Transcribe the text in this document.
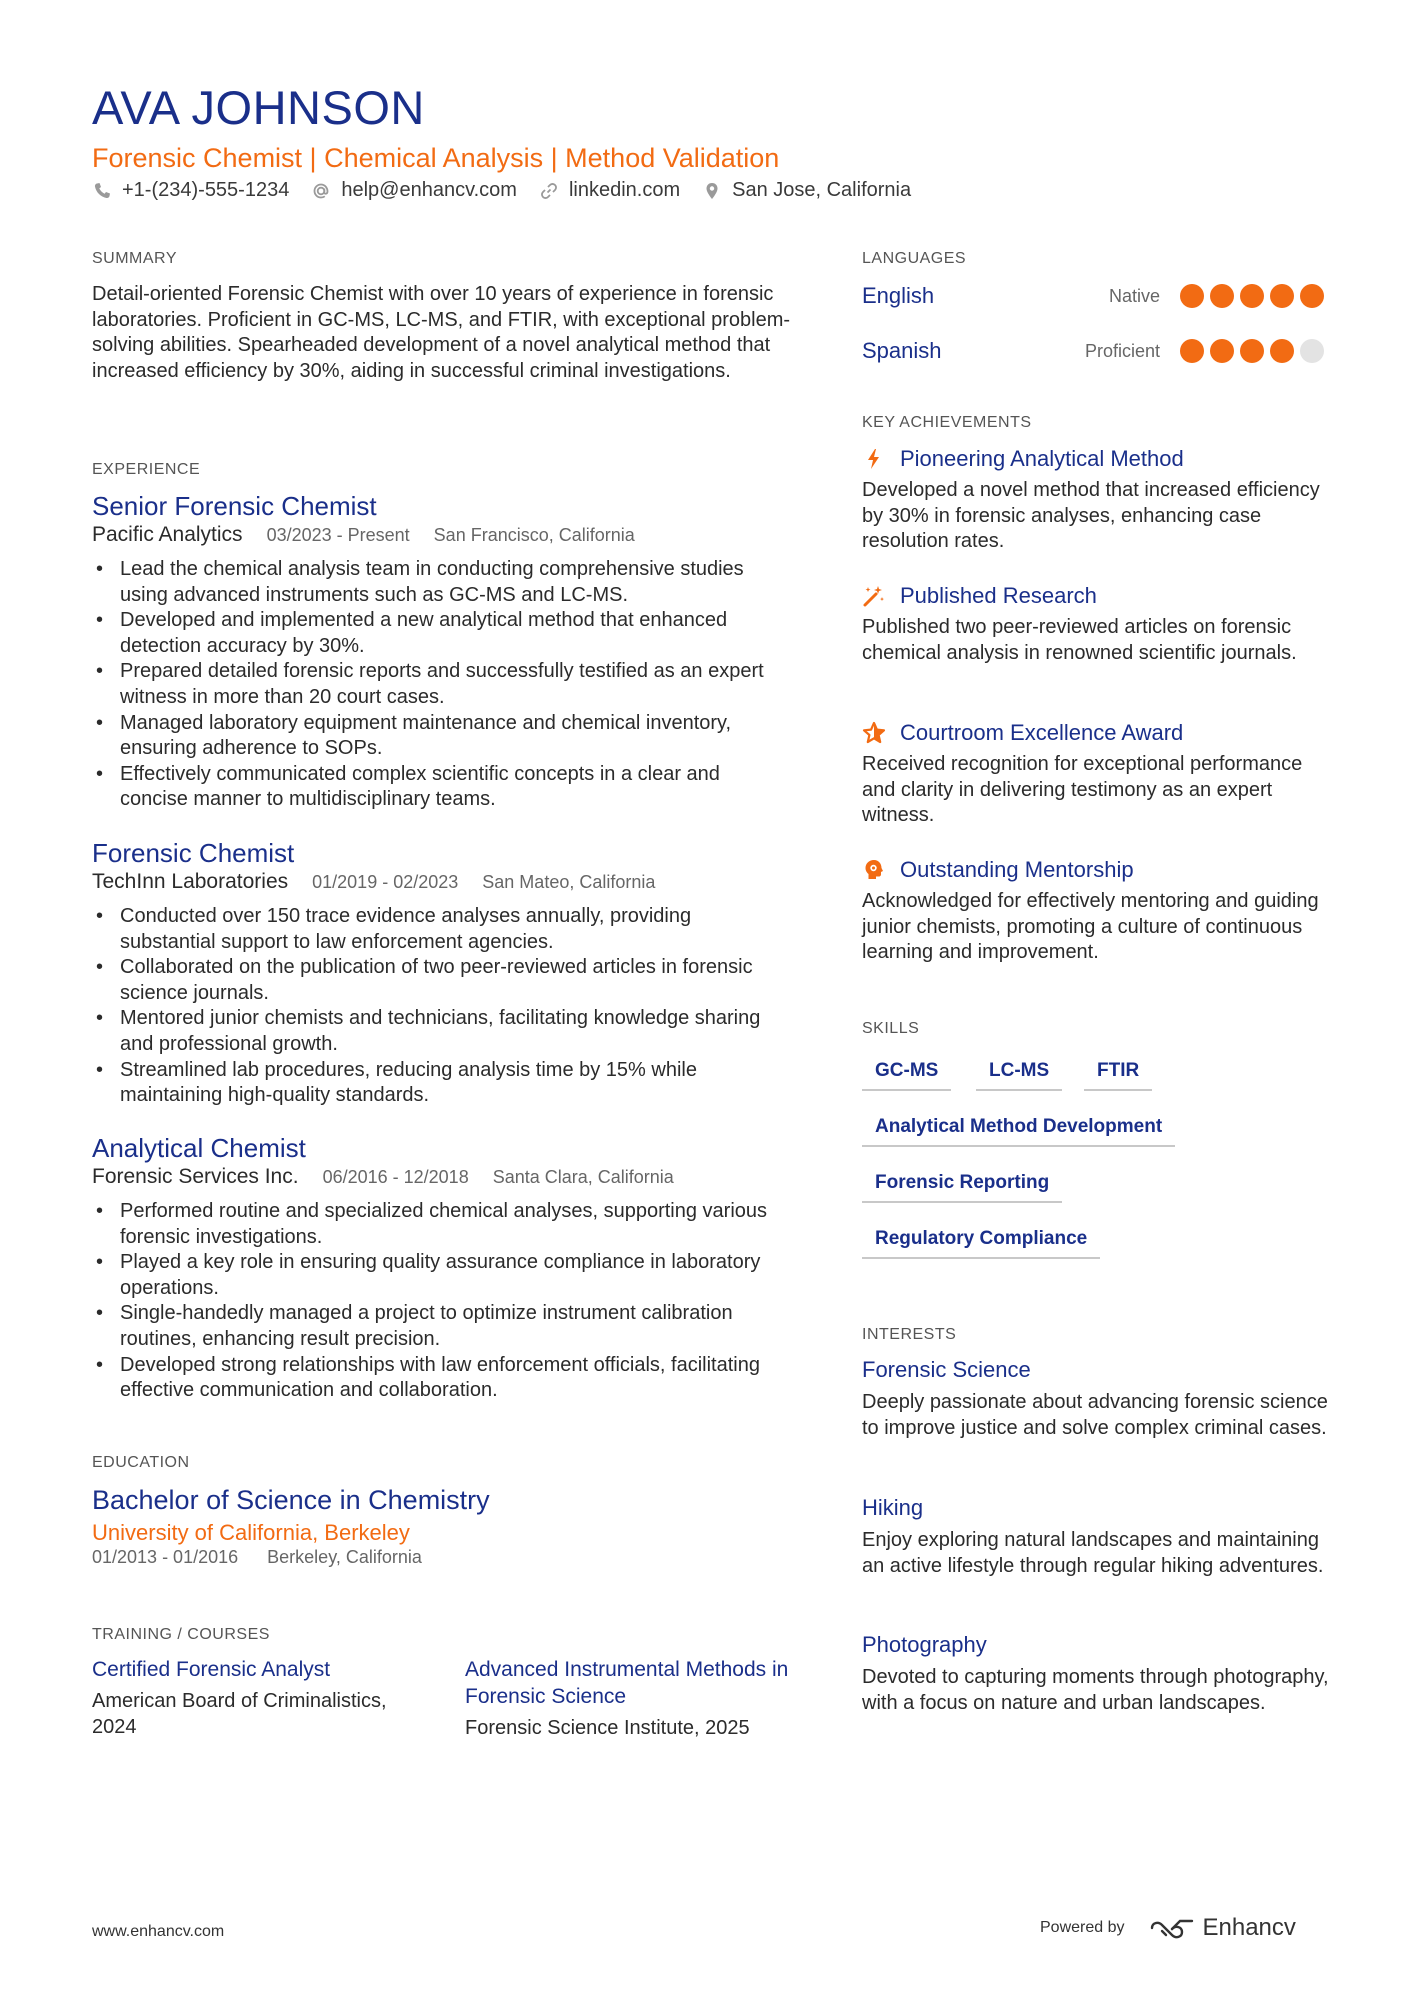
AVA JOHNSON
Forensic Chemist | Chemical Analysis | Method Validation
+1-(234)-555-1234	help@enhancv.com	linkedin.com	San Jose, California
SUMMARY
Detail-oriented Forensic Chemist with over 10 years of experience in forensic laboratories. Proficient in GC-MS, LC-MS, and FTIR, with exceptional problem-solving abilities. Spearheaded development of a novel analytical method that increased efficiency by 30%, aiding in successful criminal investigations.
EXPERIENCE
Senior Forensic Chemist
Pacific Analytics 03/2023 - Present San Francisco, California
• Lead the chemical analysis team in conducting comprehensive studies using advanced instruments such as GC-MS and LC-MS.
• Developed and implemented a new analytical method that enhanced detection accuracy by 30%.
• Prepared detailed forensic reports and successfully testified as an expert witness in more than 20 court cases.
• Managed laboratory equipment maintenance and chemical inventory, ensuring adherence to SOPs.
• Effectively communicated complex scientific concepts in a clear and concise manner to multidisciplinary teams.
Forensic Chemist
TechInn Laboratories 01/2019 - 02/2023 San Mateo, California
• Conducted over 150 trace evidence analyses annually, providing substantial support to law enforcement agencies.
• Collaborated on the publication of two peer-reviewed articles in forensic science journals.
• Mentored junior chemists and technicians, facilitating knowledge sharing and professional growth.
• Streamlined lab procedures, reducing analysis time by 15% while maintaining high-quality standards.
Analytical Chemist
Forensic Services Inc. 06/2016 - 12/2018 Santa Clara, California
• Performed routine and specialized chemical analyses, supporting various forensic investigations.
• Played a key role in ensuring quality assurance compliance in laboratory operations.
• Single-handedly managed a project to optimize instrument calibration routines, enhancing result precision.
• Developed strong relationships with law enforcement officials, facilitating effective communication and collaboration.
EDUCATION
Bachelor of Science in Chemistry
University of California, Berkeley
01/2013 - 01/2016 Berkeley, California
TRAINING / COURSES
Certified Forensic Analyst
American Board of Criminalistics, 2024
Advanced Instrumental Methods in Forensic Science
Forensic Science Institute, 2025
LANGUAGES
English	Native
Spanish	Proficient
KEY ACHIEVEMENTS
Pioneering Analytical Method
Developed a novel method that increased efficiency by 30% in forensic analyses, enhancing case resolution rates.
Published Research
Published two peer-reviewed articles on forensic chemical analysis in renowned scientific journals.
Courtroom Excellence Award
Received recognition for exceptional performance and clarity in delivering testimony as an expert witness.
Outstanding Mentorship
Acknowledged for effectively mentoring and guiding junior chemists, promoting a culture of continuous learning and improvement.
SKILLS
GC-MS	LC-MS	FTIR
Analytical Method Development
Forensic Reporting
Regulatory Compliance
INTERESTS
Forensic Science
Deeply passionate about advancing forensic science to improve justice and solve complex criminal cases.
Hiking
Enjoy exploring natural landscapes and maintaining an active lifestyle through regular hiking adventures.
Photography
Devoted to capturing moments through photography, with a focus on nature and urban landscapes.
www.enhancv.com	Powered by	Enhancv
